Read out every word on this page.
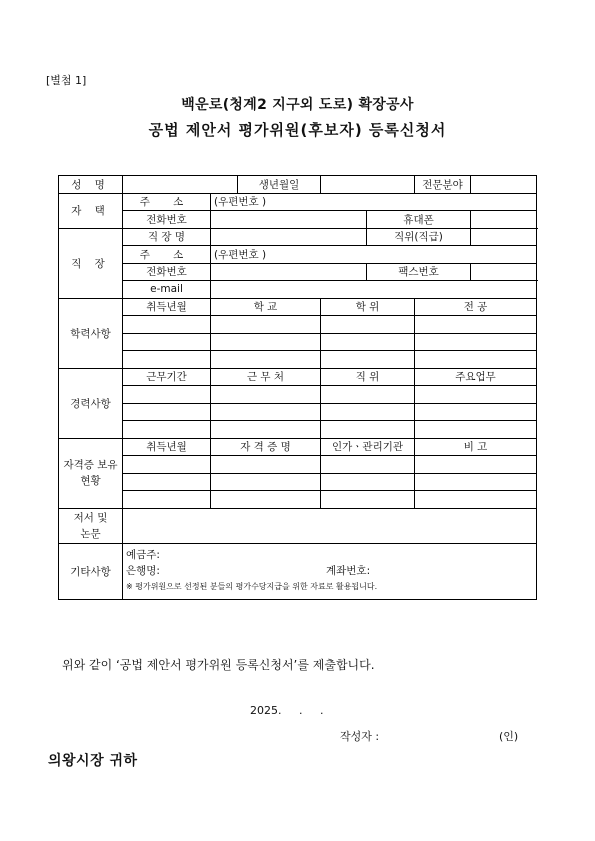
[별첨 1]
백운로(청계2 지구외 도로) 확장공사
공법 제안서 평가위원(후보자) 등록신청서
성 명			생년월일			전문분야	
자 택	주 소	(우편번호 )					
	전화번호				휴대폰		
직 장	직 장 명				직위(직급)		
	주 소	(우편번호 )					
	전화번호				팩스번호		
	e-mail						
학력사항	취득년월	학 교		학 위		전 공	

경력사항	근무기간	근 무 처		직 위		주요업무	

자격증 보유현황	취득년월	자 격 증 명		인가ㆍ관리기관		비 고	

저서 및 논문							
기타사항	예금주:
은행명: 계좌번호:
※ 평가위원으로 선정된 분들의 평가수당지급을 위한 자료로 활용됩니다.						
위와 같이 ‘공법 제안서 평가위원 등록신청서’를 제출합니다.
2025. . .
작성자 :	(인)
의왕시장 귀하
